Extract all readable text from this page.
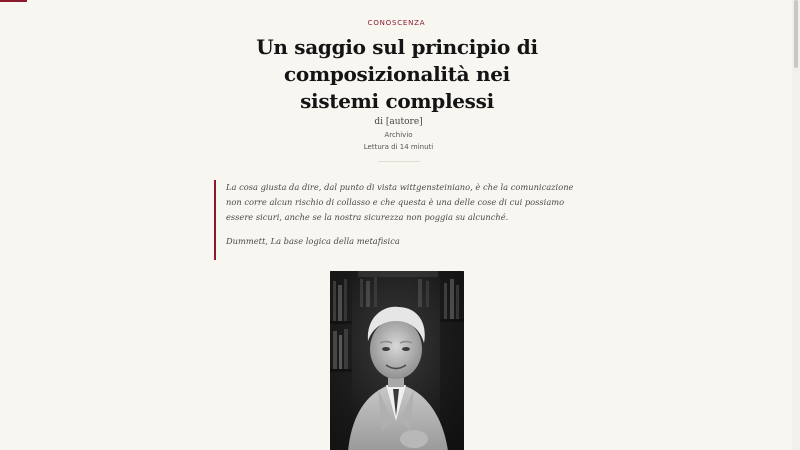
CONOSCENZA
Un saggio sul principio di composizionalità nei sistemi complessi
di [autore]
Archivio
Lettura di 14 minuti

La cosa giusta da dire, dal punto di vista wittgensteiniano, è che la comunicazione non corre alcun rischio di collasso e che questa è una delle cose di cui possiamo essere sicuri, anche se la nostra sicurezza non poggia su alcunché.

Dummett, La base logica della metafisica
